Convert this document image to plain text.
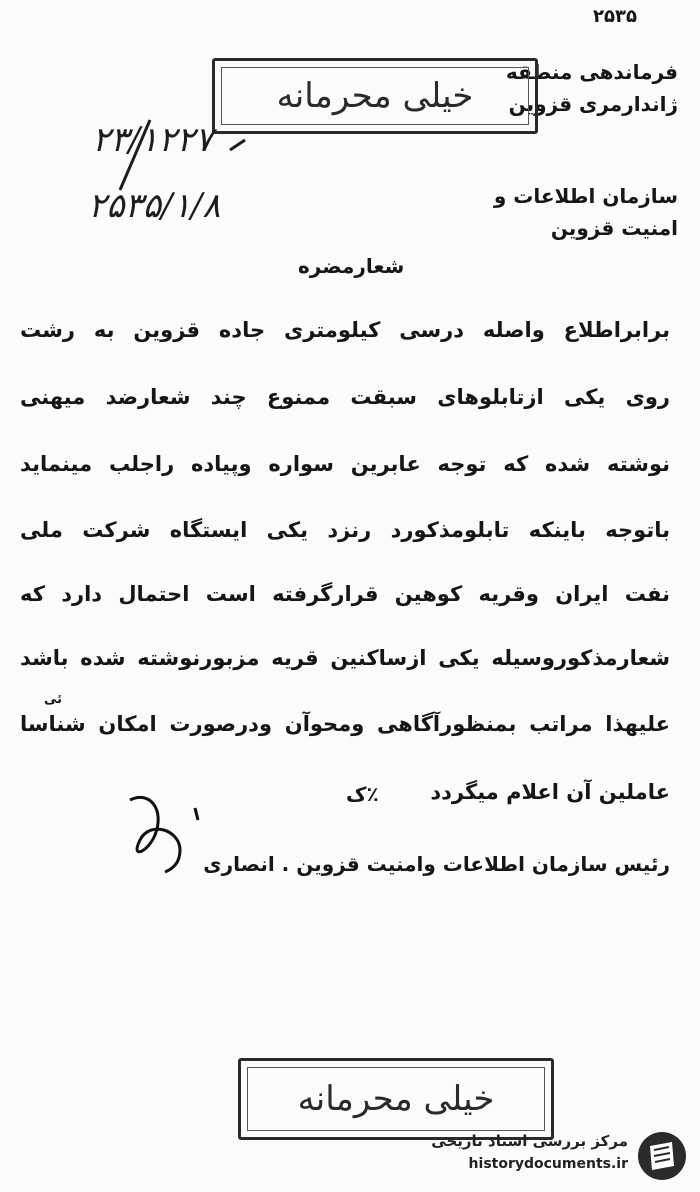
۲۵۳۵
فرماندهی منطقه
ژاندارمری قزوین
خیلی محرمانه
۲۳/۱۲۲۷
۲۵۳۵/۱/۸	سازمان اطلاعات و
امنیت قزوین
شعارمضره
برابراطلاع واصله درسی کیلومتری جاده قزوین به رشت
روی یکی ازتابلوهای سبقت ممنوع چند شعارضد میهنی
نوشته شده که توجه عابرین سواره وپیاده راجلب مینماید
باتوجه باینکه تابلومذکورد رنزد یکی ایستگاه شرکت ملی
نفت ایران وقریه کوهین قرارگرفته است احتمال دارد که
شعارمذکوروسیله یکی ازساکنین قریه مزبورنوشته شده باشد
علیهذا مراتب بمنظورآگاهی ومحوآن ودرصورت امکان شناسا
ئی
عاملین آن اعلام میگردد
٪ک
رئیس سازمان اطلاعات وامنیت قزوین . انصاری
خیلی محرمانه
مرکز بررسی اسناد تاریخی
historydocuments.ir
